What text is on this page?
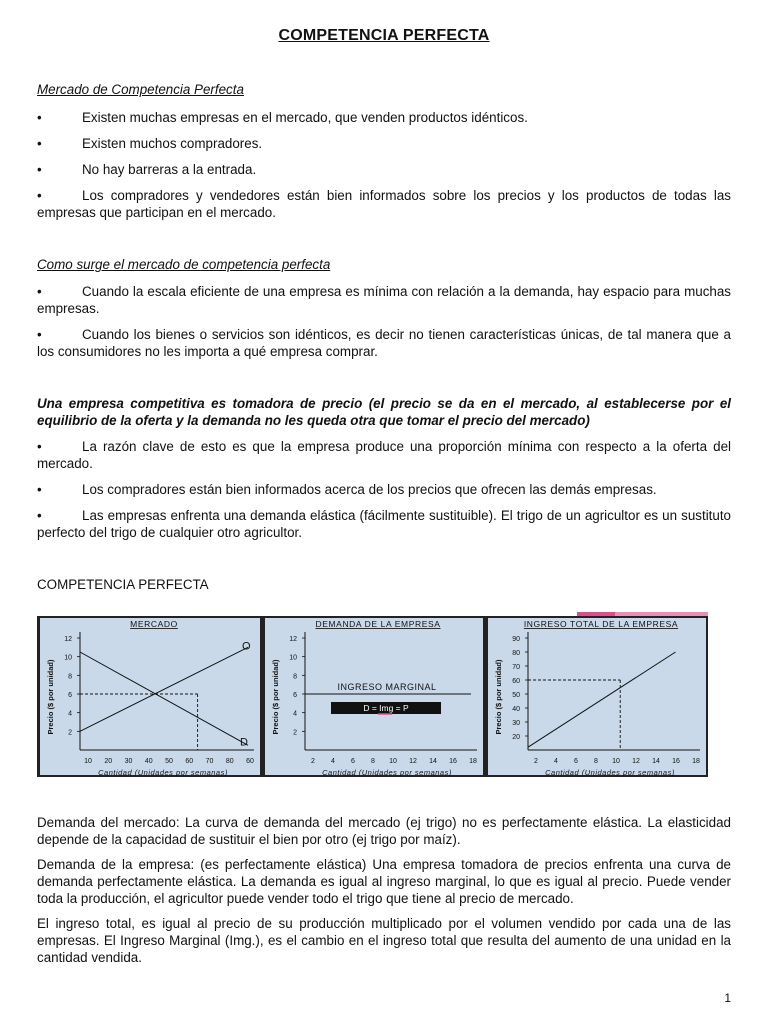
COMPETENCIA PERFECTA
Mercado de Competencia Perfecta
•	Existen muchas empresas en el mercado, que venden productos idénticos.
•	Existen muchos compradores.
•	No hay barreras a la entrada.
•	Los compradores y vendedores están bien informados sobre los precios y los productos de todas las empresas que participan en el mercado.
Como surge el mercado de competencia perfecta
•	Cuando la escala eficiente de una empresa es mínima con relación a la demanda, hay espacio para muchas empresas.
•	Cuando los bienes o servicios son idénticos, es decir no tienen características únicas, de tal manera que a los consumidores no les importa a qué empresa comprar.
Una empresa competitiva es tomadora de precio (el precio se da en el mercado, al establecerse por el equilibrio de la oferta y la demanda no les queda otra que tomar el precio del mercado)
•	La razón clave de esto es que la empresa produce una proporción mínima con respecto a la oferta del mercado.
•	Los compradores están bien informados acerca de los precios que ofrecen las demás empresas.
•	Las empresas enfrenta una demanda elástica (fácilmente sustituible). El trigo de un agricultor es un sustituto perfecto del trigo de cualquier otro agricultor.
COMPETENCIA PERFECTA
Demanda del mercado: La curva de demanda del mercado (ej trigo) no es perfectamente elástica. La elasticidad depende de la capacidad de sustituir el bien por otro (ej trigo por maíz).
Demanda de la empresa: (es perfectamente elástica) Una empresa tomadora de precios enfrenta una curva de demanda perfectamente elástica. La demanda es igual al ingreso marginal, lo que es igual al precio. Puede vender toda la producción, el agricultor puede vender todo el trigo que tiene al precio de mercado.
El ingreso total, es igual al precio de su producción multiplicado por el volumen vendido por cada una de las empresas. El Ingreso Marginal (Img.), es el cambio en el ingreso total que resulta del aumento de una unidad en la cantidad vendida.
MERCADO
Precio ($ por unidad)
Cantidad (Unidades por semanas)
12
10
8
6
4
2
10 20 30 40 50 60 70 80 60
O
D
DEMANDA DE LA EMPRESA
Precio ($ por unidad)
Cantidad (Unidades por semanas)
12
10
8
6
4
2
2 4 6 8 10 12 14 16 18
INGRESO MARGINAL
D = Img = P
INGRESO TOTAL DE LA EMPRESA
Precio ($ por unidad)
Cantidad (Unidades por semanas)
90
80
70
60
50
40
30
20
2 4 6 8 10 12 14 16 18
1
